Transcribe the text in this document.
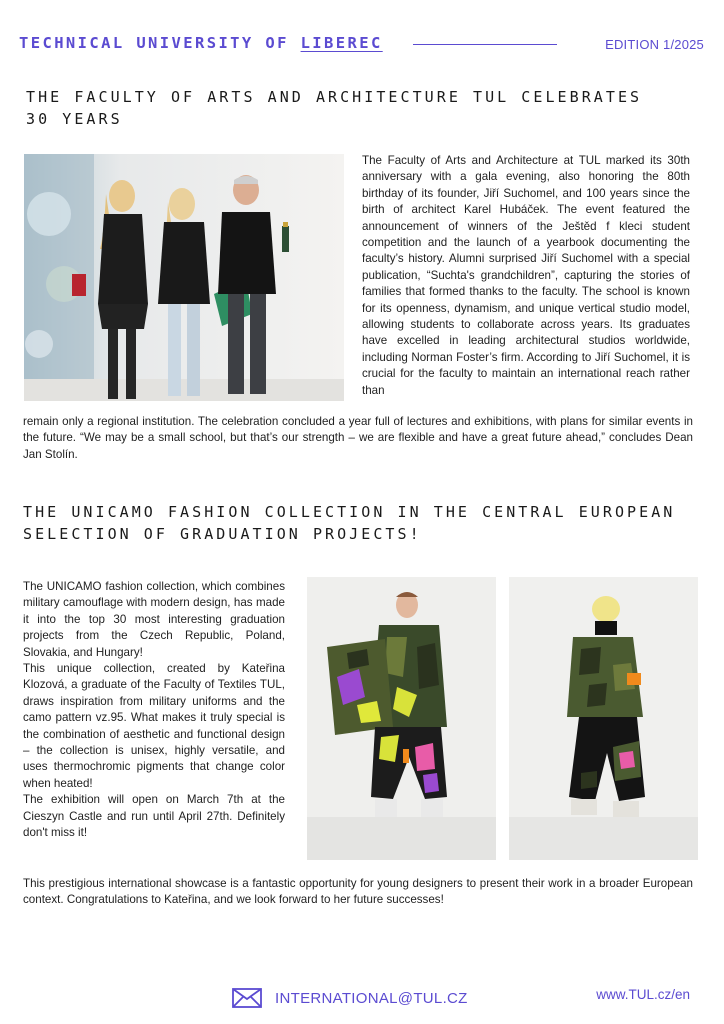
TECHNICAL UNIVERSITY OF LIBEREC	EDITION 1/2025
THE FACULTY OF ARTS AND ARCHITECTURE TUL CELEBRATES
30 YEARS
The Faculty of Arts and Architecture at TUL marked its 30th anniversary with a gala evening, also honoring the 80th birthday of its founder, Jiří Suchomel, and 100 years since the birth of architect Karel Hubáček. The event featured the announcement of winners of the Ještěd f kleci student competition and the launch of a yearbook documenting the faculty’s history. Alumni surprised Jiří Suchomel with a special publication, “Suchta's grandchildren”, capturing the stories of families that formed thanks to the faculty. The school is known for its openness, dynamism, and unique vertical studio model, allowing students to collaborate across years. Its graduates have excelled in leading architectural studios worldwide, including Norman Foster’s firm. According to Jiří Suchomel, it is crucial for the faculty to maintain an international reach rather than
remain only a regional institution. The celebration concluded a year full of lectures and exhibitions, with plans for similar events in the future. “We may be a small school, but that’s our strength – we are flexible and have a great future ahead,” concludes Dean Jan Stolín.
THE UNICAMO FASHION COLLECTION IN THE CENTRAL EUROPEAN
SELECTION OF GRADUATION PROJECTS!
The UNICAMO fashion collection, which combines military camouflage with modern design, has made it into the top 30 most interesting graduation projects from the Czech Republic, Poland, Slovakia, and Hungary!
This unique collection, created by Kateřina Klozová, a graduate of the Faculty of Textiles TUL, draws inspiration from military uniforms and the camo pattern vz.95. What makes it truly special is the combination of aesthetic and functional design – the collection is unisex, highly versatile, and uses thermochromic pigments that change color when heated!
The exhibition will open on March 7th at the Cieszyn Castle and run until April 27th. Definitely don't miss it!
This prestigious international showcase is a fantastic opportunity for young designers to present their work in a broader European context. Congratulations to Kateřina, and we look forward to her future successes!
INTERNATIONAL@TUL.CZ	www.TUL.cz/en
